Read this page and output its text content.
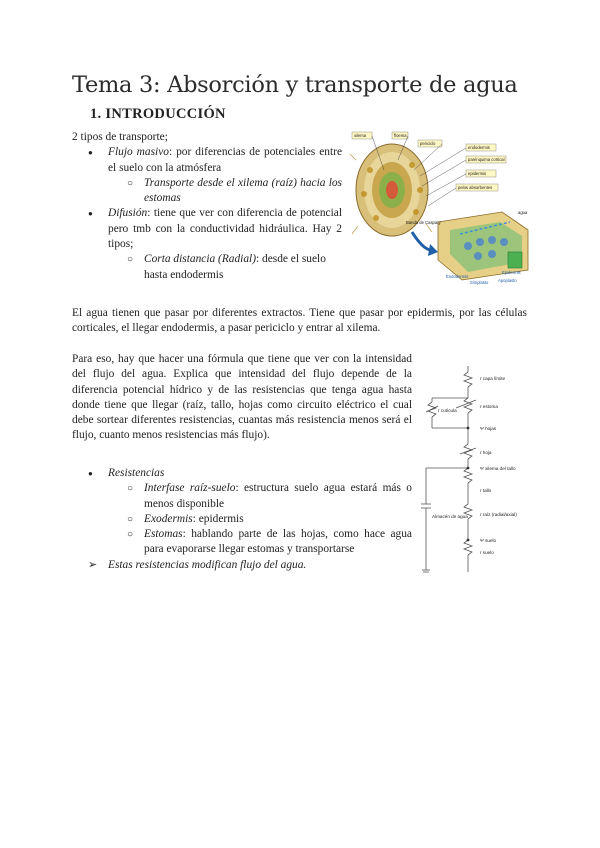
Tema 3: Absorción y transporte de agua
1. INTRODUCCIÓN
2 tipos de transporte;
● Flujo masivo: por diferencias de potenciales entre el suelo con la atmósfera
○ Transporte desde el xilema (raíz) hacia los estomas
● Difusión: tiene que ver con diferencia de potencial pero tmb con la conductividad hidráulica. Hay 2 tipos;
○ Corta distancia (Radial): desde el suelo hasta endodermis
xilema	floema
periciclo
endodermis
parénquima cortical
epidermis
pelos absorbentes
agua
Banda de Caspary
Epidermis
Apoplasto
Simplasto
Endodermis
El agua tienen que pasar por diferentes extractos. Tiene que pasar por epidermis, por las células corticales, el llegar endodermis, a pasar periciclo y entrar al xilema.
Para eso, hay que hacer una fórmula que tiene que ver con la intensidad del flujo del agua. Explica que intensidad del flujo depende de la diferencia potencial hídrico y de las resistencias que tenga agua hasta donde tiene que llegar (raíz, tallo, hojas como circuito eléctrico el cual debe sortear diferentes resistencias, cuantas más resistencia menos será el flujo, cuanto menos resistencias más flujo).
● Resistencias
○ Interfase raíz-suelo: estructura suelo agua estará más o menos disponible
○ Exodermis: epidermis
○ Estomas: hablando parte de las hojas, como hace agua para evaporarse llegar estomas y transportarse
➢ Estas resistencias modifican flujo del agua.
r capa límite
r cutícula
r estoma
Ψ hojas
r hoja
Ψ xilema del tallo
r tallo
r raíz (radial/axial)
Ψ suelo
r suelo
Almacén de agua
